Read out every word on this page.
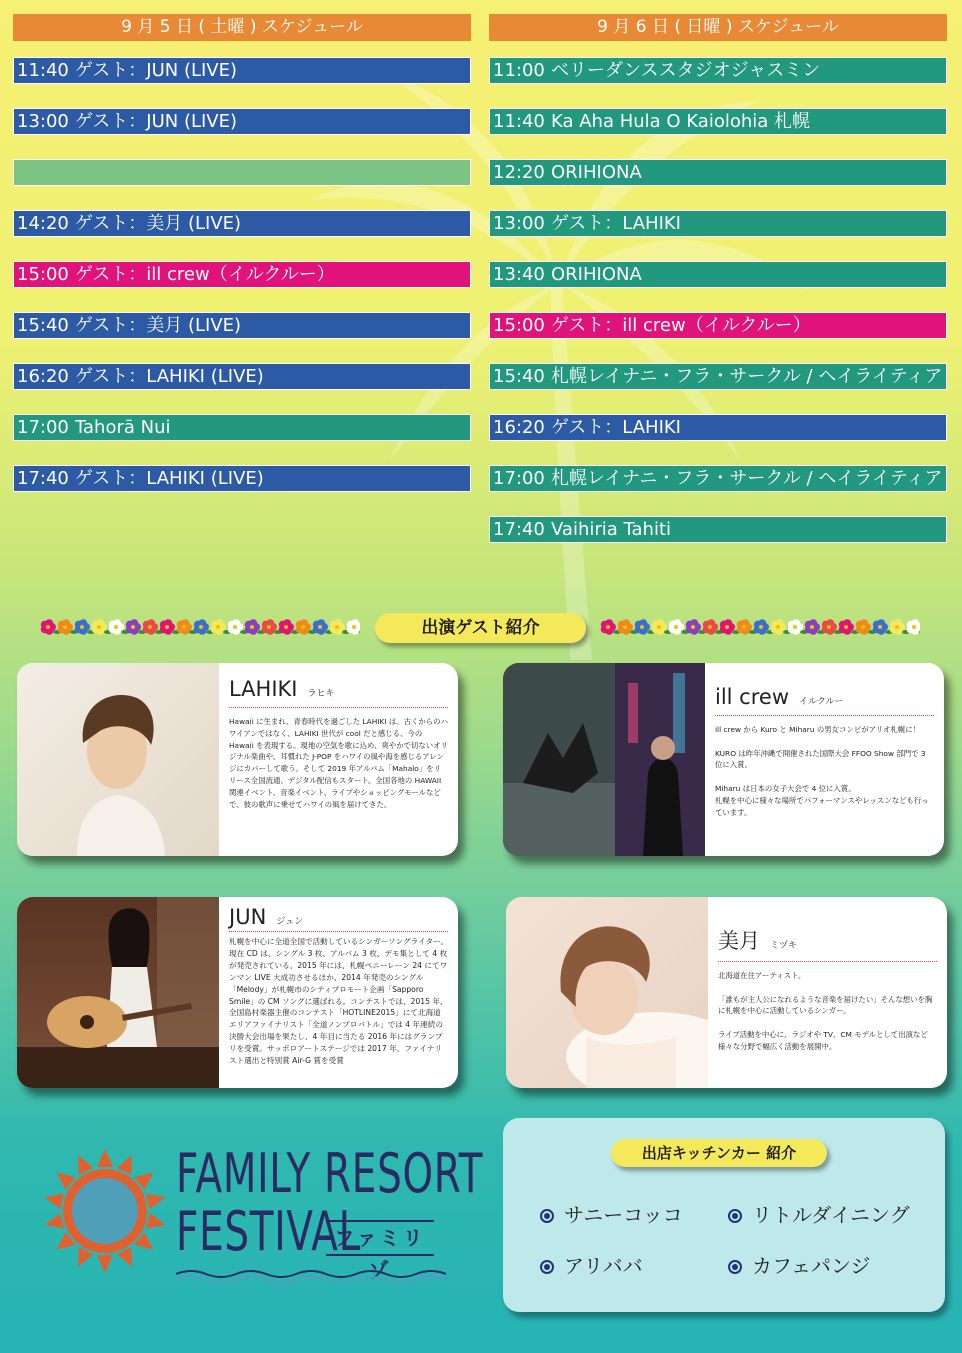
9 月 5 日 ( 土曜 ) スケジュール
11:40 ゲスト：JUN (LIVE)
13:00 ゲスト：JUN (LIVE)
14:20 ゲスト：美月 (LIVE)
15:00 ゲスト：ill crew（イルクルー）
15:40 ゲスト：美月 (LIVE)
16:20 ゲスト：LAHIKI (LIVE)
17:00 Tahorā Nui
17:40 ゲスト：LAHIKI (LIVE)
9 月 6 日 ( 日曜 ) スケジュール
11:00 ベリーダンススタジオジャスミン
11:40 Ka Aha Hula O Kaiolohia 札幌
12:20 ORIHIONA
13:00 ゲスト：LAHIKI
13:40 ORIHIONA
15:00 ゲスト：ill crew（イルクルー）
15:40 札幌レイナニ・フラ・サークル / ヘイライティア
16:20 ゲスト：LAHIKI
17:00 札幌レイナニ・フラ・サークル / ヘイライティア
17:40 Vaihiria Tahiti
出演ゲスト紹介
LAHIKI ラヒキ
Hawaii に生まれ、青春時代を過ごした LAHIKI は、古くからのハワイアンではなく、LAHIKI 世代が cool だと感じる、今の Hawaii を表現する。現地の空気を歌に込め、爽やかで切ないオリジナル楽曲や、耳慣れた J-POP をハワイの風や海を感じるアレンジにカバーして歌う。そして 2019 年アルバム「Mahalo」をリリース全国流通、デジタル配信もスタート。全国各地の HAWAII 関連イベント、音楽イベント、ライブやショッピングモールなどで、彼の歌声に乗せてハワイの風を届けてきた。
ill crew イルクルー
ill crew から Kuro と Miharu の男女コンビがアリオ札幌に！

KURO は昨年沖縄で開催された国際大会 FFOO Show 部門で 3 位に入賞。

Miharu は日本の女子大会で 4 位に入賞。
札幌を中心に様々な場所でパフォーマンスやレッスンなども行っています。
JUN ジュン
札幌を中心に全道全国で活動しているシンガーソングライター。　現在 CD は、シングル 3 枚、アルバム 3 枚、デモ集として 4 枚が発売されている。2015 年には、札幌ペニーレーン 24 にてワンマン LIVE 大成功させるほか、2014 年発売のシングル「Melody」が札幌市のシティプロモート企画「Sapporo Smile」の CM ソングに選ばれる。コンテストでは、2015 年、全国島村楽器主催のコンテスト「HOTLINE2015」にて北海道エリアファイナリスト「全道ノンプロバトル」では 4 年連続の決勝大会出場を果たし、4 年目に当たる 2016 年にはグランプリを受賞。サッポロアートステージでは 2017 年、ファイナリスト選出と特別賞 Air-G 賞を受賞
美月 ミヅキ
北海道在住アーティスト。

「誰もが主人公になれるような音楽を届けたい」そんな想いを胸に札幌を中心に活動しているシンガー。

ライブ活動を中心に、ラジオや TV、CM モデルとして出演など 様々な分野で幅広く活動を展開中。
FAMILY RESORT
FESTIVAL
ファミリゾ
出店キッチンカー 紹介
サニーコッコ	リトルダイニング
アリババ	カフェパンジ
